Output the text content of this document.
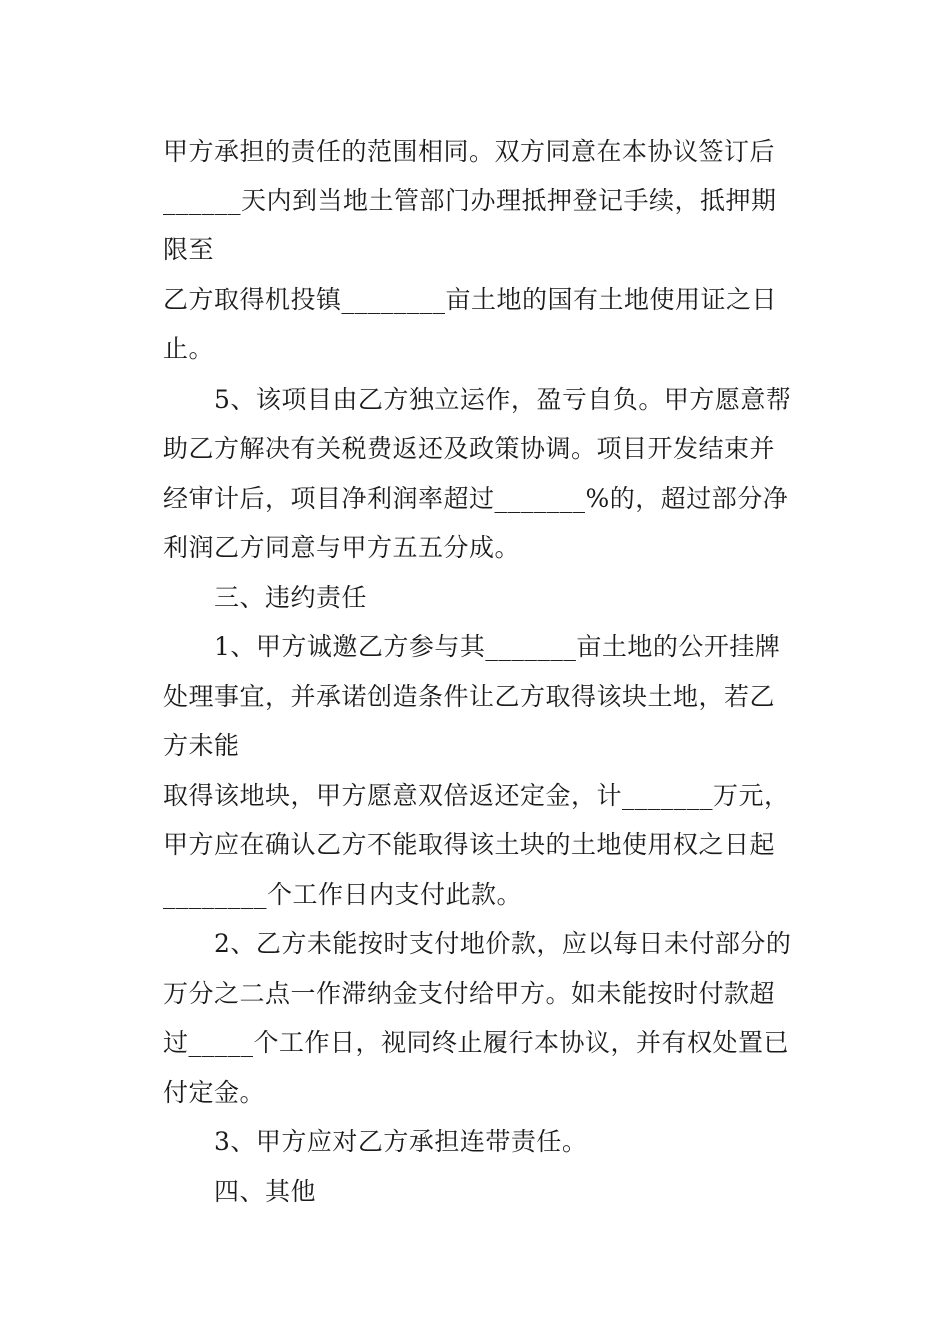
甲方承担的责任的范围相同。双方同意在本协议签订后
______天内到当地土管部门办理抵押登记手续，抵押期
限至
乙方取得机投镇________亩土地的国有土地使用证之日
止。
5、该项目由乙方独立运作，盈亏自负。甲方愿意帮
助乙方解决有关税费返还及政策协调。项目开发结束并
经审计后，项目净利润率超过_______%的，超过部分净
利润乙方同意与甲方五五分成。
三、违约责任
1、甲方诚邀乙方参与其_______亩土地的公开挂牌
处理事宜，并承诺创造条件让乙方取得该块土地，若乙
方未能
取得该地块，甲方愿意双倍返还定金，计_______万元，
甲方应在确认乙方不能取得该土块的土地使用权之日起
________个工作日内支付此款。
2、乙方未能按时支付地价款，应以每日未付部分的
万分之二点一作滞纳金支付给甲方。如未能按时付款超
过_____个工作日，视同终止履行本协议，并有权处置已
付定金。
3、甲方应对乙方承担连带责任。
四、其他
